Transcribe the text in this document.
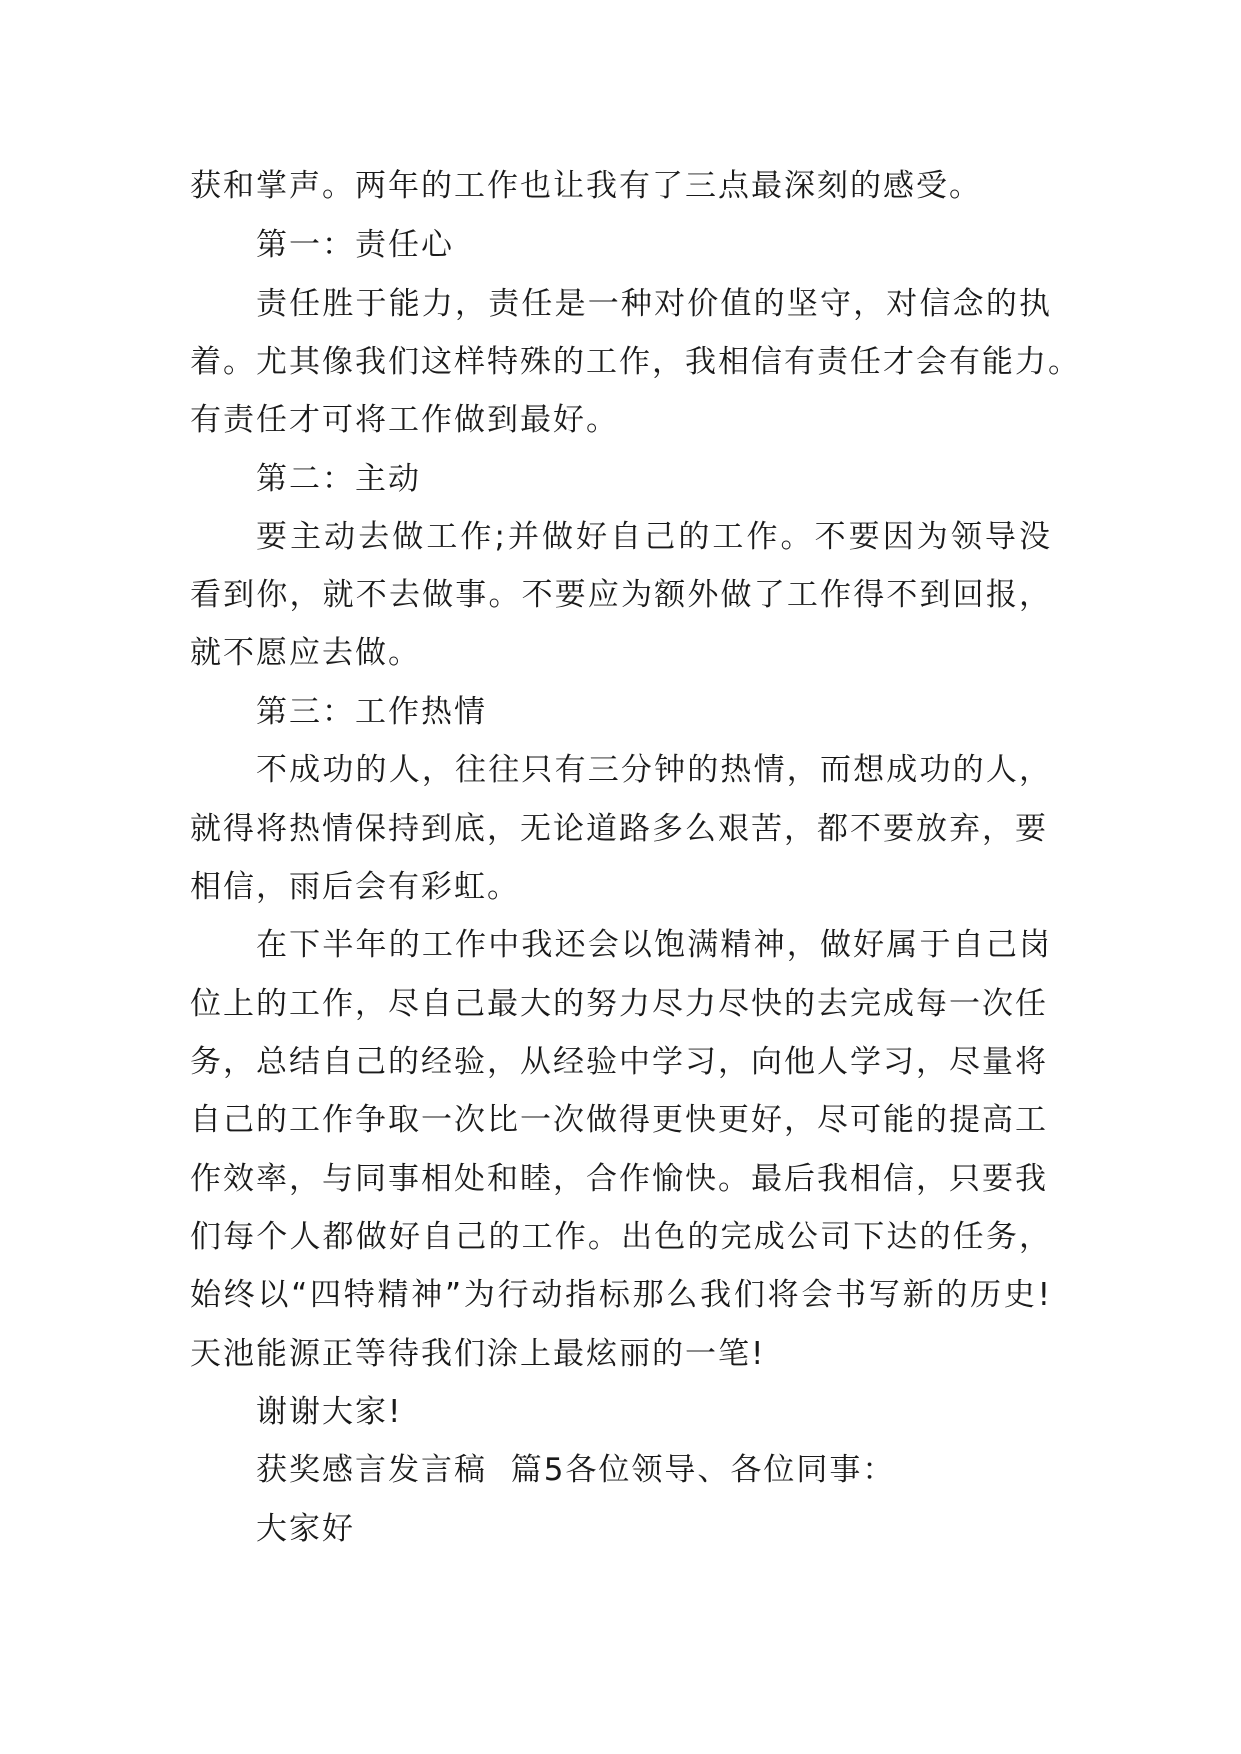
获和掌声。两年的工作也让我有了三点最深刻的感受。
第一：责任心
责任胜于能力，责任是一种对价值的坚守，对信念的执
着。尤其像我们这样特殊的工作，我相信有责任才会有能力。
有责任才可将工作做到最好。
第二：主动
要主动去做工作;并做好自己的工作。不要因为领导没
看到你，就不去做事。不要应为额外做了工作得不到回报，
就不愿应去做。
第三：工作热情
不成功的人，往往只有三分钟的热情，而想成功的人，
就得将热情保持到底，无论道路多么艰苦，都不要放弃，要
相信，雨后会有彩虹。
在下半年的工作中我还会以饱满精神，做好属于自己岗
位上的工作，尽自己最大的努力尽力尽快的去完成每一次任
务，总结自己的经验，从经验中学习，向他人学习，尽量将
自己的工作争取一次比一次做得更快更好，尽可能的提高工
作效率，与同事相处和睦，合作愉快。最后我相信，只要我
们每个人都做好自己的工作。出色的完成公司下达的任务，
始终以“四特精神”为行动指标那么我们将会书写新的历史!
天池能源正等待我们涂上最炫丽的一笔!
谢谢大家!
获奖感言发言稿  篇5各位领导、各位同事：
大家好
